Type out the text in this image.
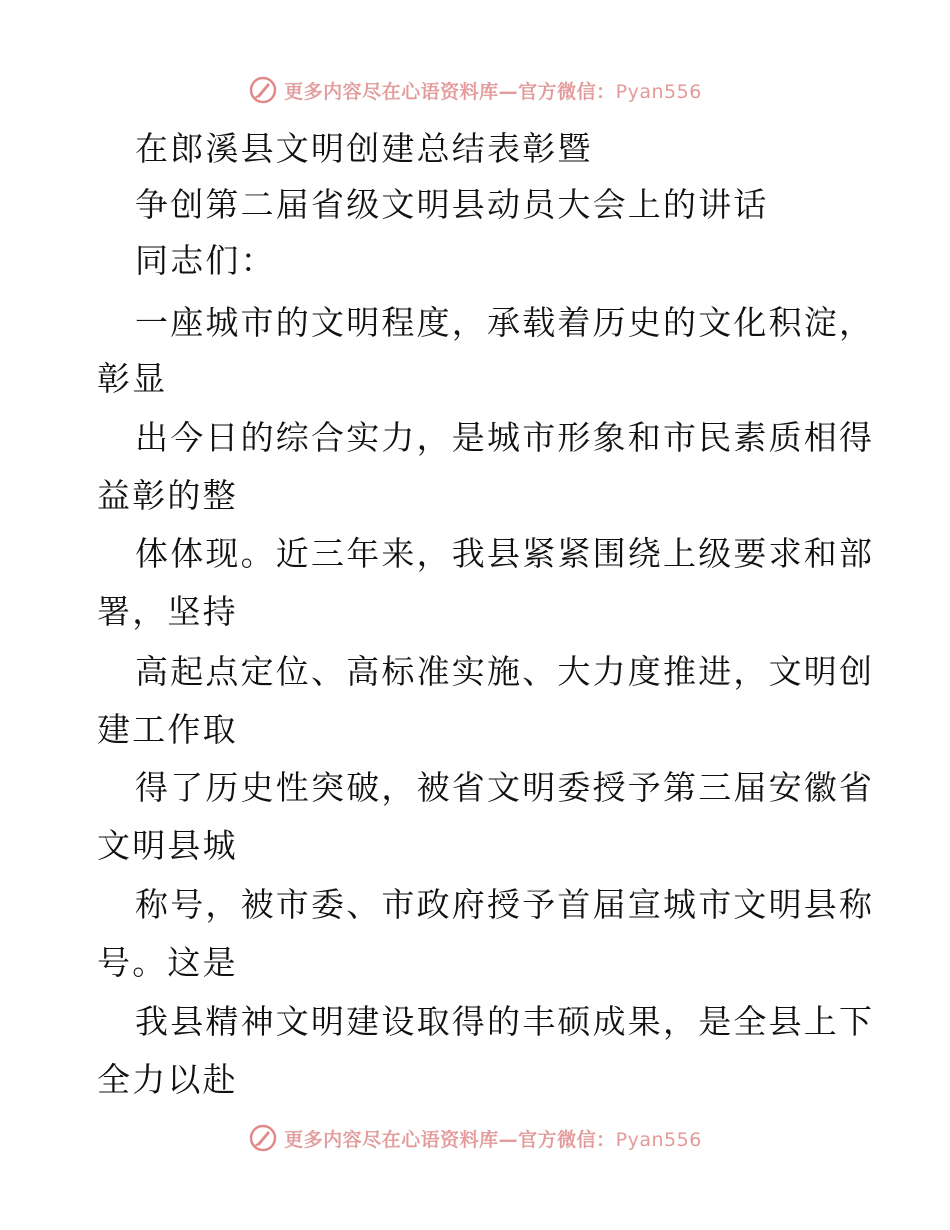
更多内容尽在心语资料库—官方微信：Pyan556
在郎溪县文明创建总结表彰暨
争创第二届省级文明县动员大会上的讲话
同志们：
一座城市的文明程度，承载着历史的文化积淀，
彰显
出今日的综合实力，是城市形象和市民素质相得
益彰的整
体体现。近三年来，我县紧紧围绕上级要求和部
署，坚持
高起点定位、高标准实施、大力度推进，文明创
建工作取
得了历史性突破，被省文明委授予第三届安徽省
文明县城
称号，被市委、市政府授予首届宣城市文明县称
号。这是
我县精神文明建设取得的丰硕成果，是全县上下
全力以赴
更多内容尽在心语资料库—官方微信：Pyan556
